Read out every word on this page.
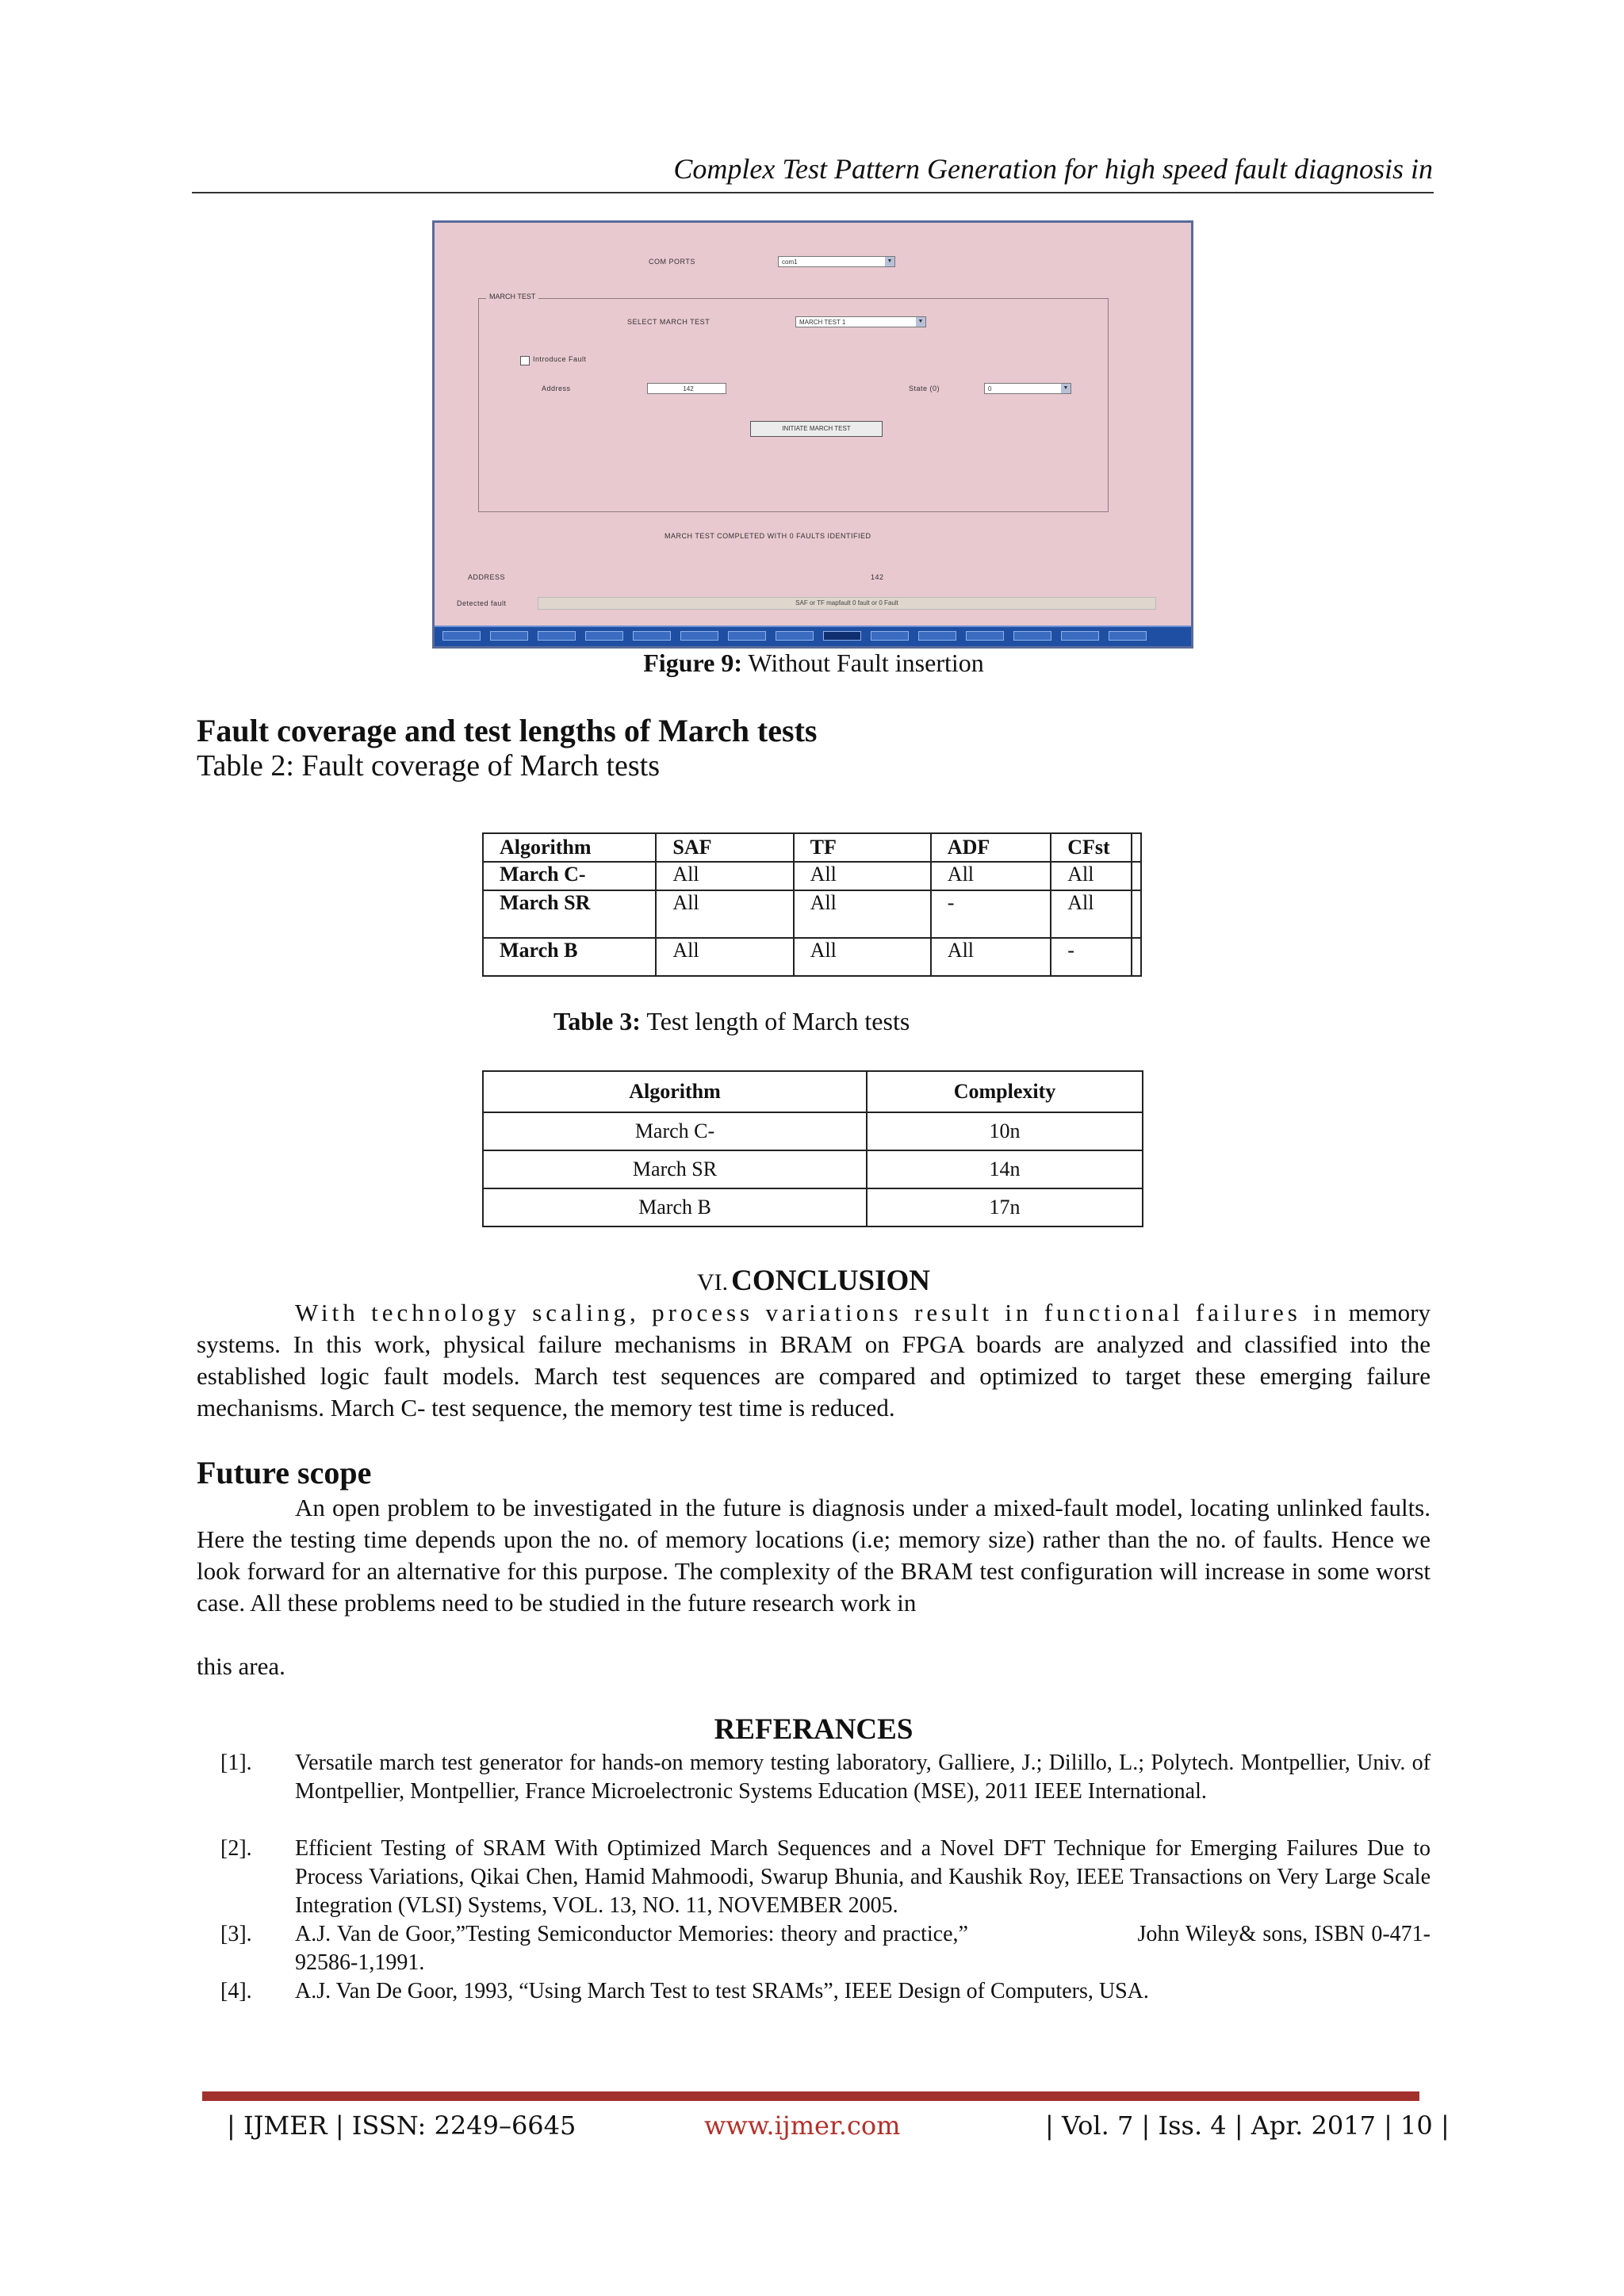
Complex Test Pattern Generation for high speed fault diagnosis in
COM PORTS	com1	▼
MARCH TEST
SELECT MARCH TEST	MARCH TEST 1	▼
Introduce Fault
Address	142	State (0)	0	▼
INITIATE MARCH TEST
MARCH TEST COMPLETED WITH 0 FAULTS IDENTIFIED
ADDRESS	142
Detected fault	SAF or TF mapfault 0 fault or 0 Fault
Figure 9: Without Fault insertion
Fault coverage and test lengths of March tests
Table 2: Fault coverage of March tests
Algorithm	SAF	TF	ADF	CFst	
March C-	All	All	All	All	
March SR	All	All	-	All	
March B	All	All	All	-	
Table 3: Test length of March tests
Algorithm	Complexity
March C-	10n
March SR	14n
March B	17n
VI. CONCLUSION
With technology scaling, process variations result in functional failures in memory systems. In this work, physical failure mechanisms in BRAM on FPGA boards are analyzed and classified into the established logic fault models. March test sequences are compared and optimized to target these emerging failure mechanisms. March C- test sequence, the memory test time is reduced.
Future scope
An open problem to be investigated in the future is diagnosis under a mixed-fault model, locating unlinked faults. Here the testing time depends upon the no. of memory locations (i.e; memory size) rather than the no. of faults. Hence we look forward for an alternative for this purpose. The complexity of the BRAM test configuration will increase in some worst case. All these problems need to be studied in the future research work in
this area.
REFERANCES
[1]. Versatile march test generator for hands-on memory testing laboratory, Galliere, J.; Dilillo, L.; Polytech. Montpellier, Univ. of Montpellier, Montpellier, France Microelectronic Systems Education (MSE), 2011 IEEE International.
[2]. Efficient Testing of SRAM With Optimized March Sequences and a Novel DFT Technique for Emerging Failures Due to Process Variations, Qikai Chen, Hamid Mahmoodi, Swarup Bhunia, and Kaushik Roy, IEEE Transactions on Very Large Scale Integration (VLSI) Systems, VOL. 13, NO. 11, NOVEMBER 2005.
[3]. A.J. Van de Goor,”Testing Semiconductor Memories: theory and practice,”                          John Wiley& sons, ISBN 0-471-92586-1,1991.
[4]. A.J. Van De Goor, 1993, “Using March Test to test SRAMs”, IEEE Design of Computers, USA.
| IJMER | ISSN: 2249–6645	www.ijmer.com	| Vol. 7 | Iss. 4 | Apr. 2017 | 10 |
